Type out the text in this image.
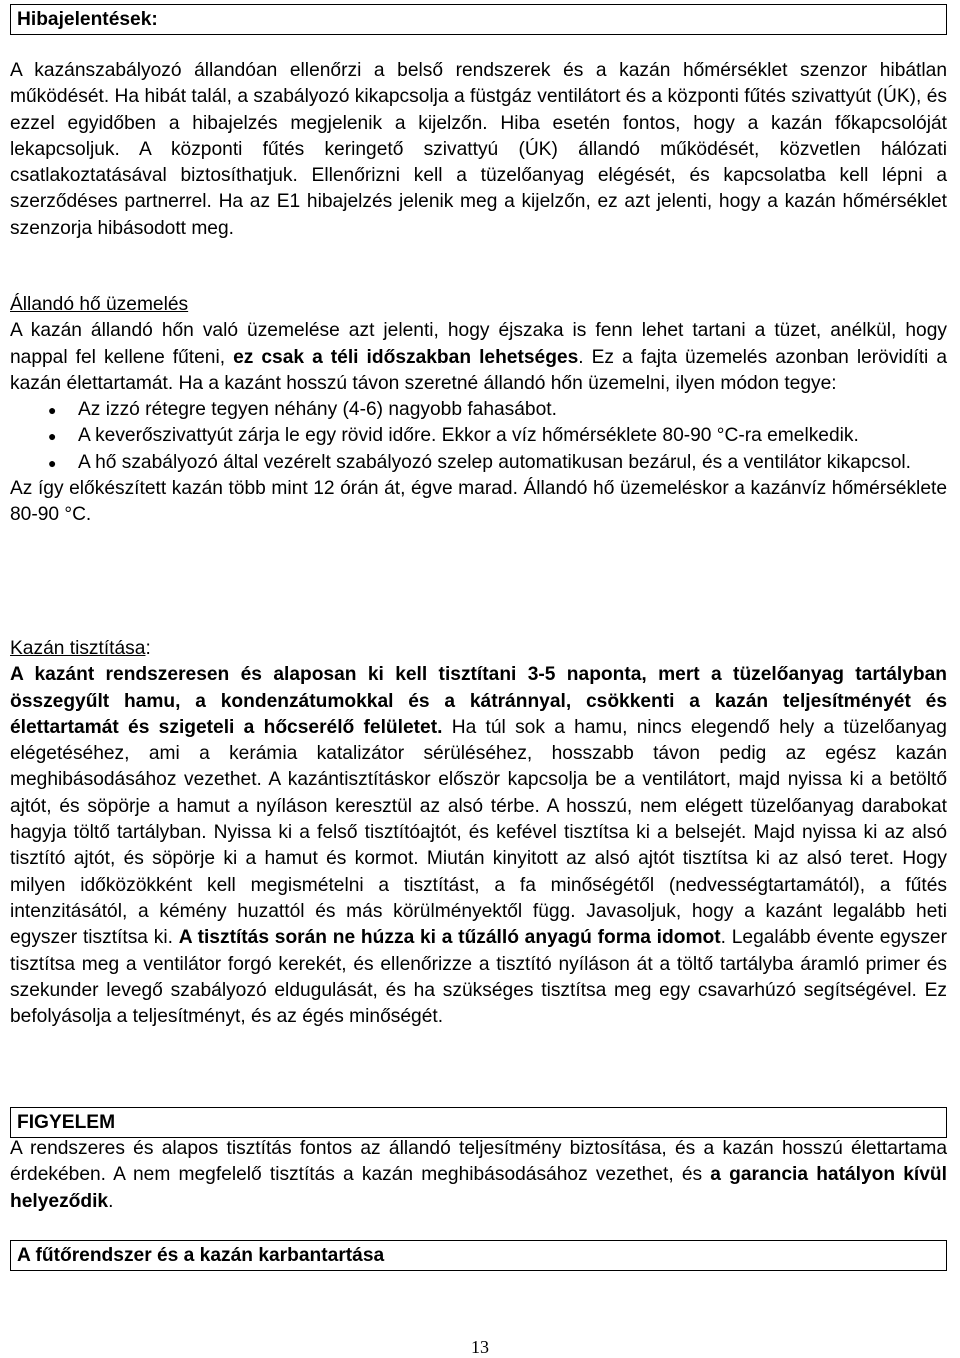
Hibajelentések:

A kazánszabályozó állandóan ellenőrzi a belső rendszerek és a kazán hőmérséklet szenzor hibátlan működését. Ha hibát talál, a szabályozó kikapcsolja a füstgáz ventilátort és a központi fűtés szivattyút (ÚK), és ezzel egyidőben a hibajelzés megjelenik a kijelzőn. Hiba esetén fontos, hogy a kazán főkapcsolóját lekapcsoljuk. A központi fűtés keringető szivattyú (ÚK) állandó működését, közvetlen hálózati csatlakoztatásával biztosíthatjuk. Ellenőrizni kell a tüzelőanyag elégését, és kapcsolatba kell lépni a szerződéses partnerrel. Ha az E1 hibajelzés jelenik meg a kijelzőn, ez azt jelenti, hogy a kazán hőmérséklet szenzorja hibásodott meg.

Állandó hő üzemelés

A kazán állandó hőn való üzemelése azt jelenti, hogy éjszaka is fenn lehet tartani a tüzet, anélkül, hogy nappal fel kellene fűteni, ez csak a téli időszakban lehetséges. Ez a fajta üzemelés azonban lerövidíti a kazán élettartamát. Ha a kazánt hosszú távon szeretné állandó hőn üzemelni, ilyen módon tegye:

● Az izzó rétegre tegyen néhány (4-6) nagyobb fahasábot.
● A keverőszivattyút zárja le egy rövid időre. Ekkor a víz hőmérséklete 80-90 °C-ra emelkedik.
● A hő szabályozó által vezérelt szabályozó szelep automatikusan bezárul, és a ventilátor kikapcsol.

Az így előkészített kazán több mint 12 órán át, égve marad. Állandó hő üzemeléskor a kazánvíz hőmérséklete 80-90 °C.

Kazán tisztítása:

A kazánt rendszeresen és alaposan ki kell tisztítani 3-5 naponta, mert a tüzelőanyag tartályban összegyűlt hamu, a kondenzátumokkal és a kátránnyal, csökkenti a kazán teljesítményét és élettartamát és szigeteli a hőcserélő felületet. Ha túl sok a hamu, nincs elegendő hely a tüzelőanyag elégetéséhez, ami a kerámia katalizátor sérüléséhez, hosszabb távon pedig az egész kazán meghibásodásához vezethet. A kazántisztításkor először kapcsolja be a ventilátort, majd nyissa ki a betöltő ajtót, és söpörje a hamut a nyíláson keresztül az alsó térbe. A hosszú, nem elégett tüzelőanyag darabokat hagyja töltő tartályban. Nyissa ki a felső tisztítóajtót, és kefével tisztítsa ki a belsejét. Majd nyissa ki az alsó tisztító ajtót, és söpörje ki a hamut és kormot. Miután kinyitott az alsó ajtót tisztítsa ki az alsó teret. Hogy milyen időközökként kell megismételni a tisztítást, a fa minőségétől (nedvességtartamától), a fűtés intenzitásától, a kémény huzattól és más körülményektől függ. Javasoljuk, hogy a kazánt legalább heti egyszer tisztítsa ki. A tisztítás során ne húzza ki a tűzálló anyagú forma idomot. Legalább évente egyszer tisztítsa meg a ventilátor forgó kerekét, és ellenőrizze a tisztító nyíláson át a töltő tartályba áramló primer és szekunder levegő szabályozó eldugulását, és ha szükséges tisztítsa meg egy csavarhúzó segítségével. Ez befolyásolja a teljesítményt, és az égés minőségét.

FIGYELEM

A rendszeres és alapos tisztítás fontos az állandó teljesítmény biztosítása, és a kazán hosszú élettartama érdekében. A nem megfelelő tisztítás a kazán meghibásodásához vezethet, és a garancia hatályon kívül helyeződik.

A fűtőrendszer és a kazán karbantartása
13
